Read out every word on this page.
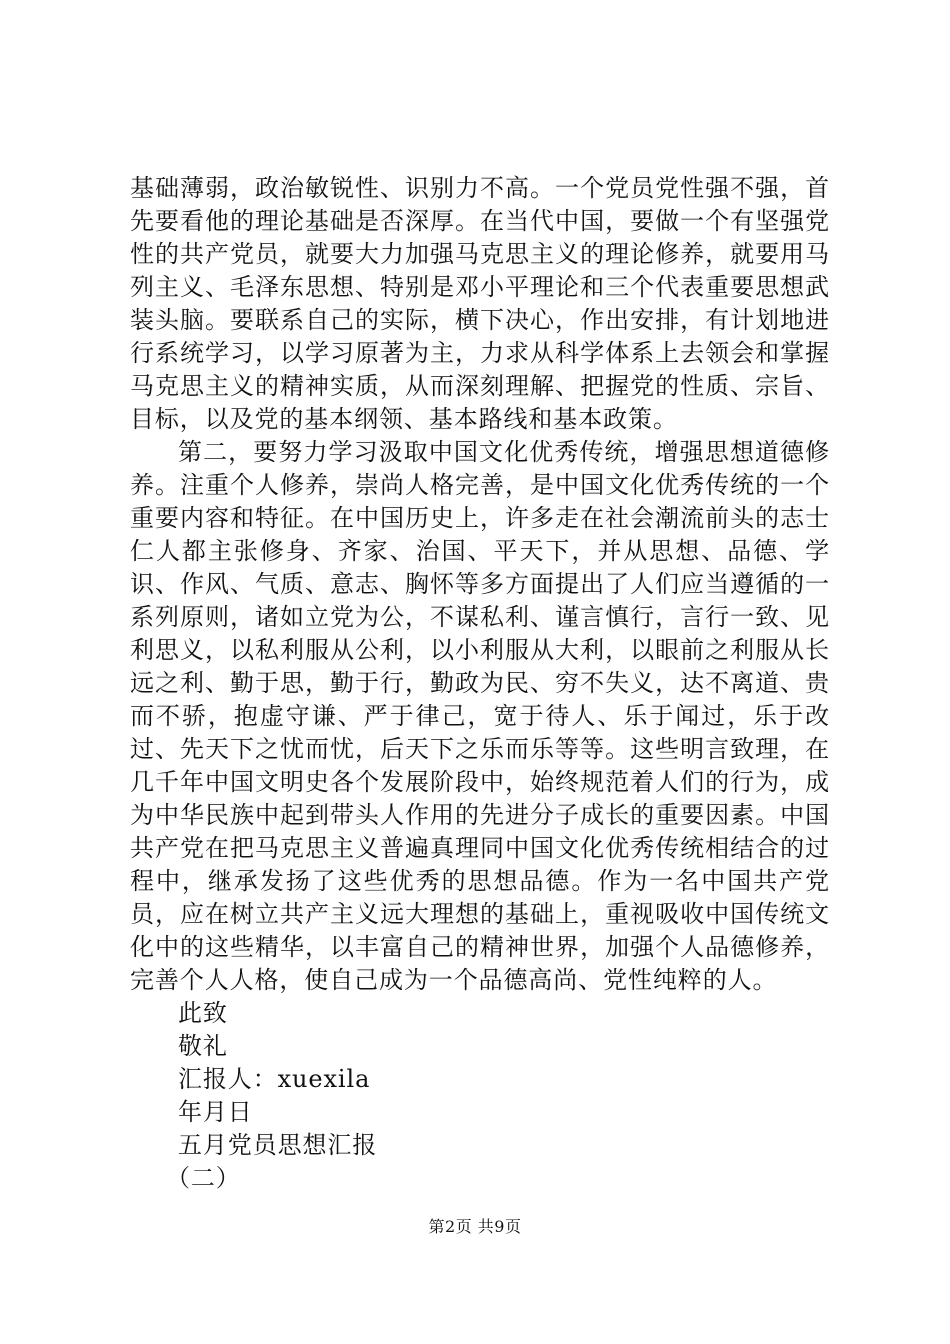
基础薄弱，政治敏锐性、识别力不高。一个党员党性强不强，首先要看他的理论基础是否深厚。在当代中国，要做一个有坚强党性的共产党员，就要大力加强马克思主义的理论修养，就要用马列主义、毛泽东思想、特别是邓小平理论和三个代表重要思想武装头脑。要联系自己的实际，横下决心，作出安排，有计划地进行系统学习，以学习原著为主，力求从科学体系上去领会和掌握马克思主义的精神实质，从而深刻理解、把握党的性质、宗旨、目标，以及党的基本纲领、基本路线和基本政策。

第二，要努力学习汲取中国文化优秀传统，增强思想道德修养。注重个人修养，崇尚人格完善，是中国文化优秀传统的一个重要内容和特征。在中国历史上，许多走在社会潮流前头的志士仁人都主张修身、齐家、治国、平天下，并从思想、品德、学识、作风、气质、意志、胸怀等多方面提出了人们应当遵循的一系列原则，诸如立党为公，不谋私利、谨言慎行，言行一致、见利思义，以私利服从公利，以小利服从大利，以眼前之利服从长远之利、勤于思，勤于行，勤政为民、穷不失义，达不离道、贵而不骄，抱虚守谦、严于律己，宽于待人、乐于闻过，乐于改过、先天下之忧而忧，后天下之乐而乐等等。这些明言致理，在几千年中国文明史各个发展阶段中，始终规范着人们的行为，成为中华民族中起到带头人作用的先进分子成长的重要因素。中国共产党在把马克思主义普遍真理同中国文化优秀传统相结合的过程中，继承发扬了这些优秀的思想品德。作为一名中国共产党员，应在树立共产主义远大理想的基础上，重视吸收中国传统文化中的这些精华，以丰富自己的精神世界，加强个人品德修养，完善个人人格，使自己成为一个品德高尚、党性纯粹的人。

此致

敬礼

汇报人：xuexila

年月日

五月党员思想汇报

（二）

第2页 共9页
